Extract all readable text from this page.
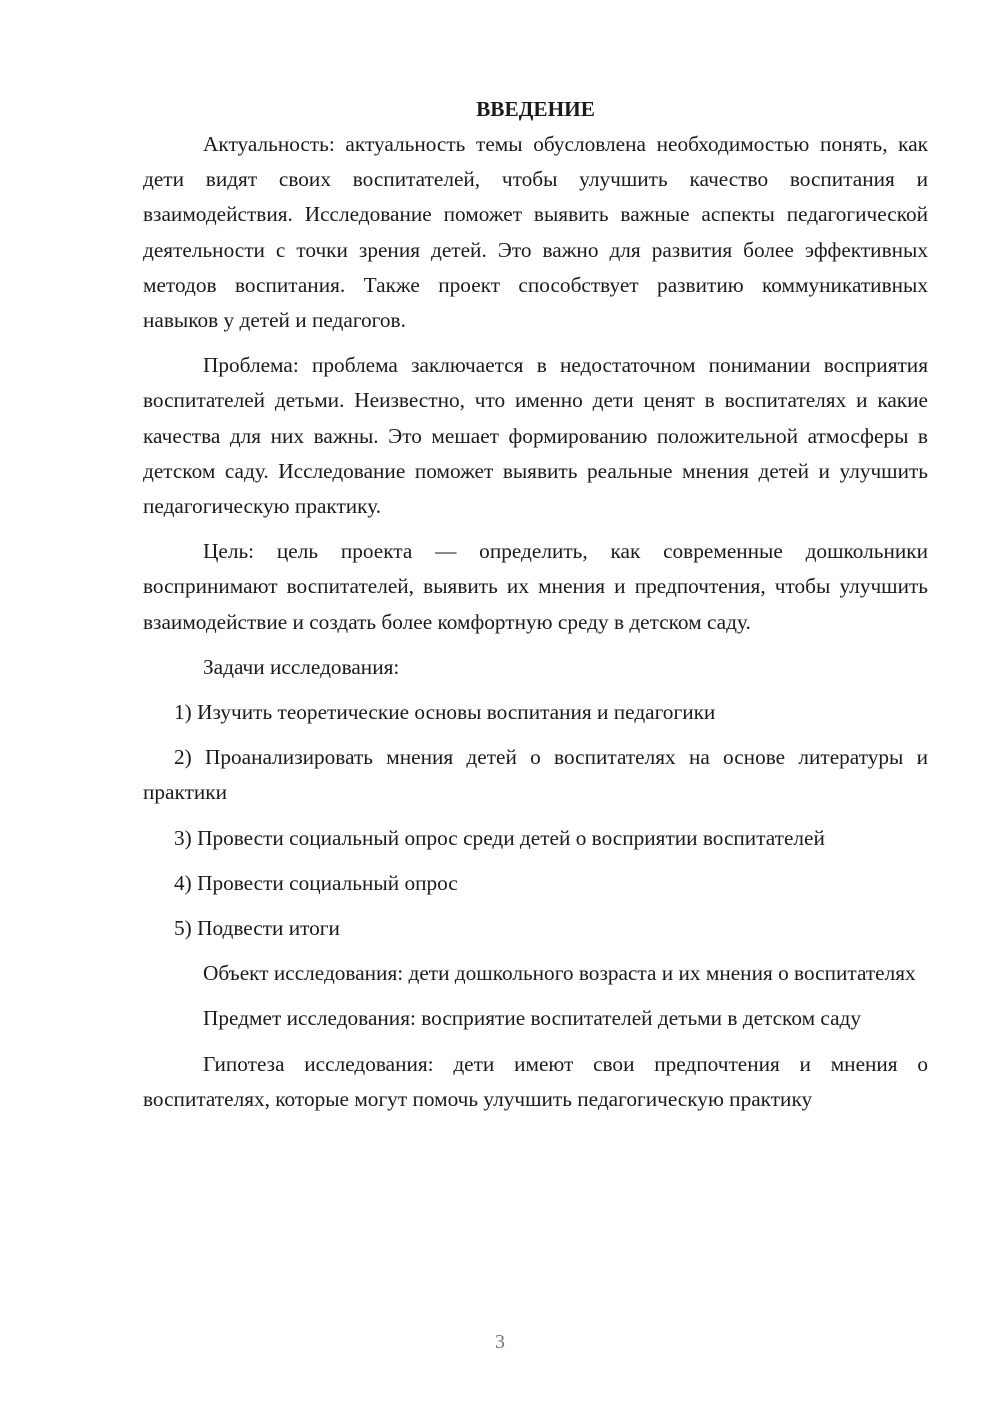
ВВЕДЕНИЕ

Актуальность: актуальность темы обусловлена необходимостью понять, как дети видят своих воспитателей, чтобы улучшить качество воспитания и взаимодействия. Исследование поможет выявить важные аспекты педагогической деятельности с точки зрения детей. Это важно для развития более эффективных методов воспитания. Также проект способствует развитию коммуникативных навыков у детей и педагогов.

Проблема: проблема заключается в недостаточном понимании восприятия воспитателей детьми. Неизвестно, что именно дети ценят в воспитателях и какие качества для них важны. Это мешает формированию положительной атмосферы в детском саду. Исследование поможет выявить реальные мнения детей и улучшить педагогическую практику.

Цель: цель проекта — определить, как современные дошкольники воспринимают воспитателей, выявить их мнения и предпочтения, чтобы улучшить взаимодействие и создать более комфортную среду в детском саду.

Задачи исследования:

1) Изучить теоретические основы воспитания и педагогики

2) Проанализировать мнения детей о воспитателях на основе литературы и практики

3) Провести социальный опрос среди детей о восприятии воспитателей

4) Провести социальный опрос

5) Подвести итоги

Объект исследования: дети дошкольного возраста и их мнения о воспитателях

Предмет исследования: восприятие воспитателей детьми в детском саду

Гипотеза исследования: дети имеют свои предпочтения и мнения о воспитателях, которые могут помочь улучшить педагогическую практику

3
